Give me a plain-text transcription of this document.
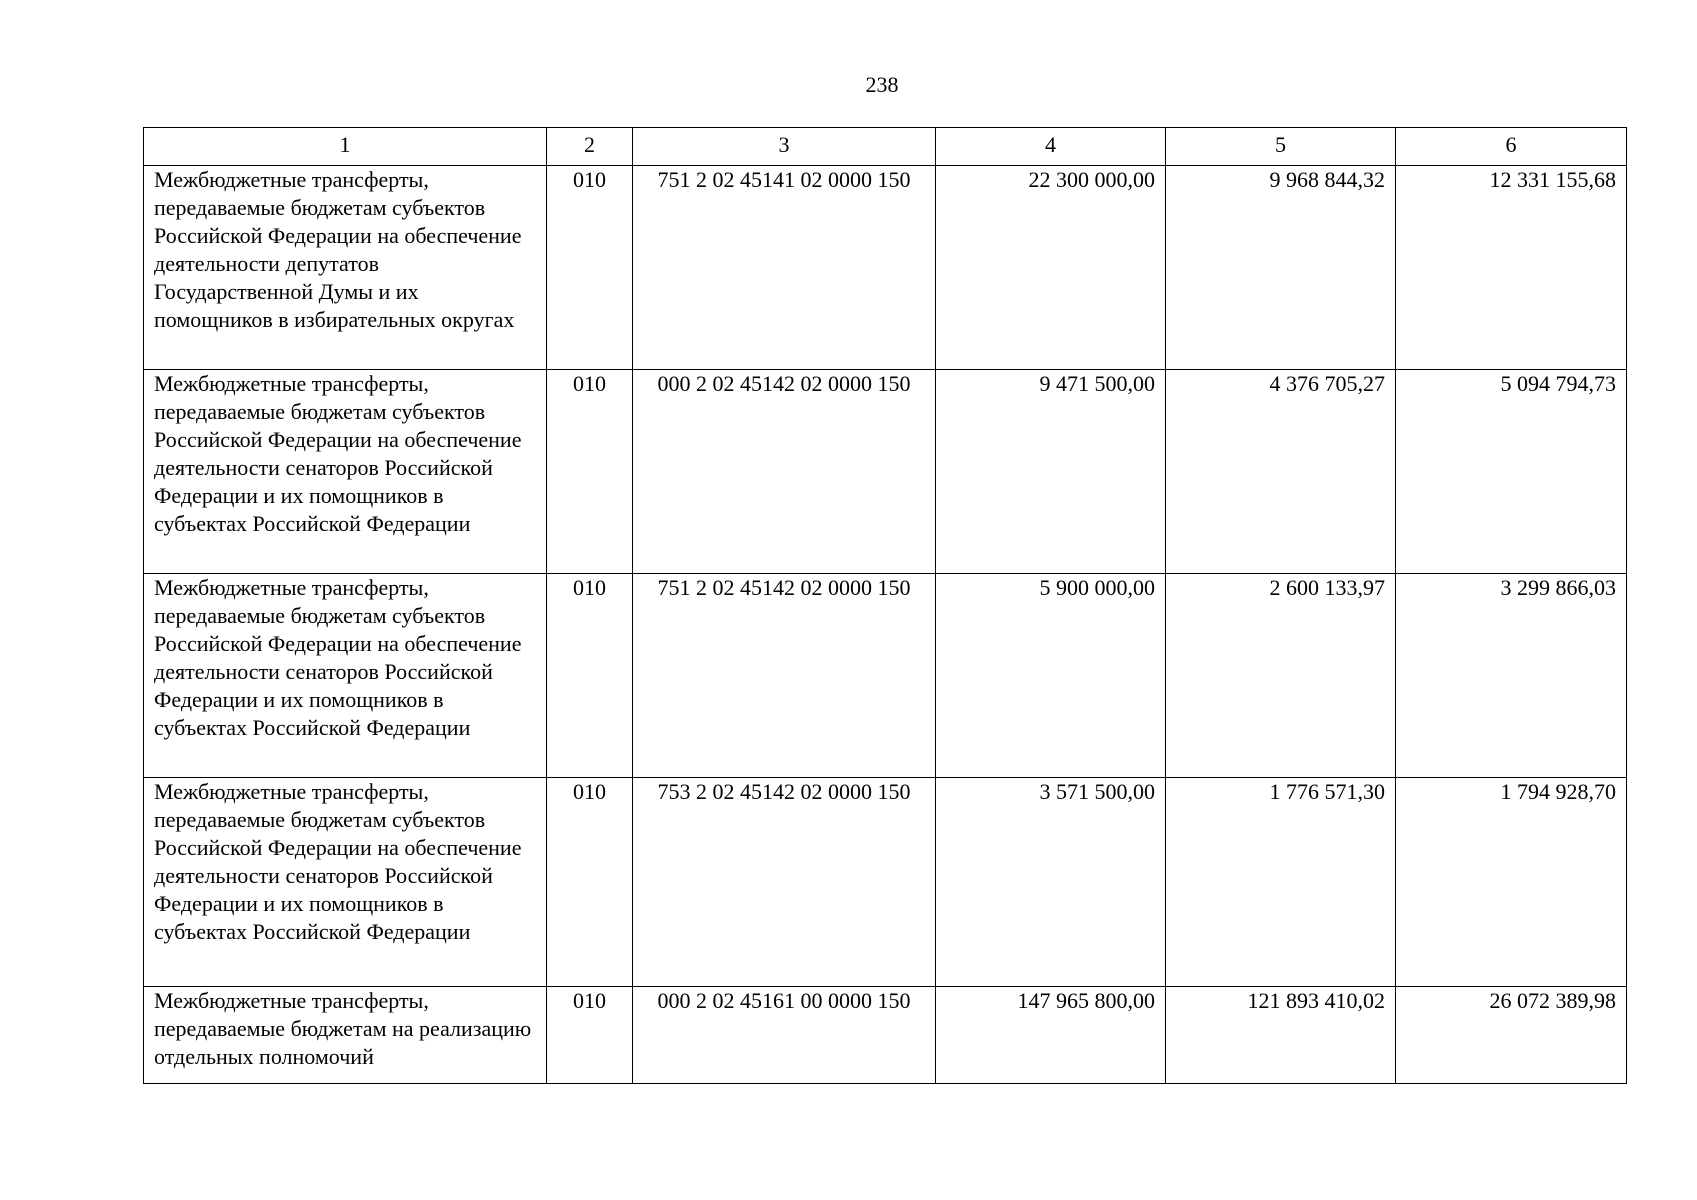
238
1	2	3	4	5	6
Межбюджетные трансферты, передаваемые бюджетам субъектов Российской Федерации на обеспечение деятельности депутатов Государственной Думы и их помощников в избирательных округах	010	751 2 02 45141 02 0000 150	22 300 000,00	9 968 844,32	12 331 155,68
Межбюджетные трансферты, передаваемые бюджетам субъектов Российской Федерации на обеспечение деятельности сенаторов Российской Федерации и их помощников в субъектах Российской Федерации	010	000 2 02 45142 02 0000 150	9 471 500,00	4 376 705,27	5 094 794,73
Межбюджетные трансферты, передаваемые бюджетам субъектов Российской Федерации на обеспечение деятельности сенаторов Российской Федерации и их помощников в субъектах Российской Федерации	010	751 2 02 45142 02 0000 150	5 900 000,00	2 600 133,97	3 299 866,03
Межбюджетные трансферты, передаваемые бюджетам субъектов Российской Федерации на обеспечение деятельности сенаторов Российской Федерации и их помощников в субъектах Российской Федерации	010	753 2 02 45142 02 0000 150	3 571 500,00	1 776 571,30	1 794 928,70
Межбюджетные трансферты, передаваемые бюджетам на реализацию отдельных полномочий	010	000 2 02 45161 00 0000 150	147 965 800,00	121 893 410,02	26 072 389,98
